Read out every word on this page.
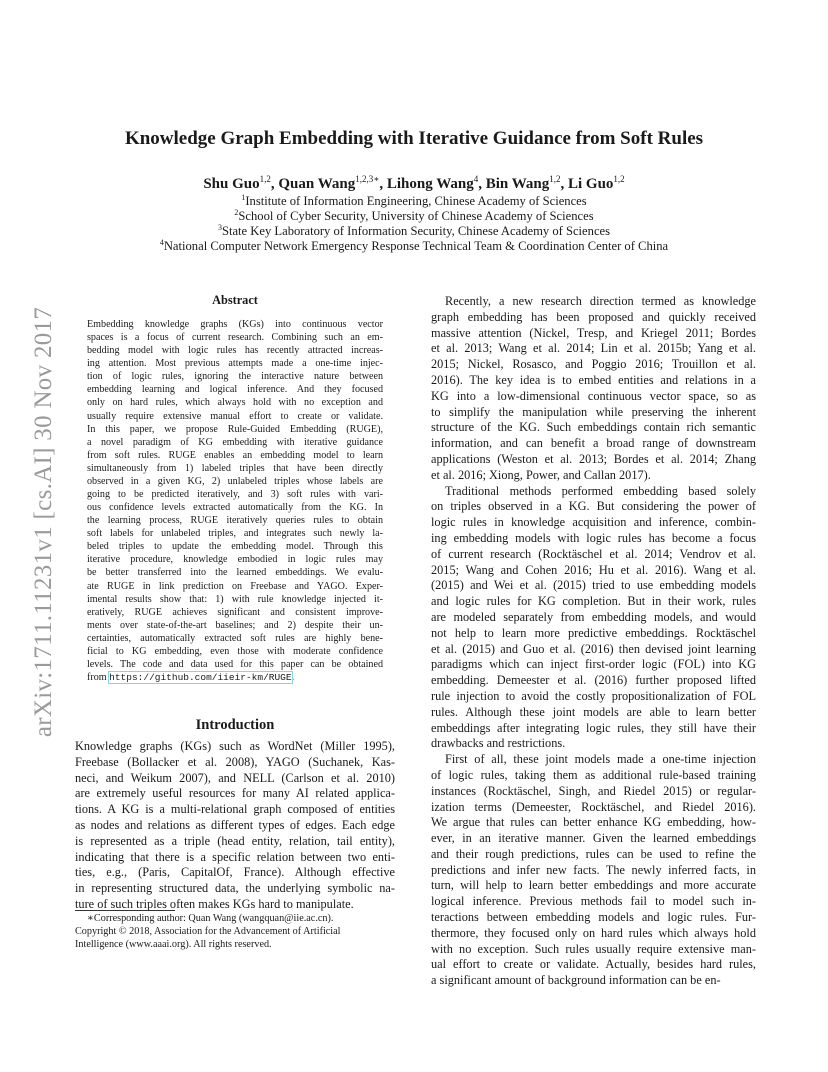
arXiv:1711.11231v1 [cs.AI] 30 Nov 2017
Knowledge Graph Embedding with Iterative Guidance from Soft Rules
Shu Guo$^{1,2}$, Quan Wang$^{1,2,3∗}$, Lihong Wang$^4$, Bin Wang$^{1,2}$, Li Guo$^{1,2}$
$^1$Institute of Information Engineering, Chinese Academy of Sciences
$^2$School of Cyber Security, University of Chinese Academy of Sciences
$^3$State Key Laboratory of Information Security, Chinese Academy of Sciences
$^4$National Computer Network Emergency Response Technical Team & Coordination Center of China
Abstract
Embedding knowledge graphs (KGs) into continuous vector
spaces is a focus of current research. Combining such an em-
bedding model with logic rules has recently attracted increas-
ing attention. Most previous attempts made a one-time injec-
tion of logic rules, ignoring the interactive nature between
embedding learning and logical inference. And they focused
only on hard rules, which always hold with no exception and
usually require extensive manual effort to create or validate.
In this paper, we propose Rule-Guided Embedding (RUGE),
a novel paradigm of KG embedding with iterative guidance
from soft rules. RUGE enables an embedding model to learn
simultaneously from 1) labeled triples that have been directly
observed in a given KG, 2) unlabeled triples whose labels are
going to be predicted iteratively, and 3) soft rules with vari-
ous confidence levels extracted automatically from the KG. In
the learning process, RUGE iteratively queries rules to obtain
soft labels for unlabeled triples, and integrates such newly la-
beled triples to update the embedding model. Through this
iterative procedure, knowledge embodied in logic rules may
be better transferred into the learned embeddings. We evalu-
ate RUGE in link prediction on Freebase and YAGO. Exper-
imental results show that: 1) with rule knowledge injected it-
eratively, RUGE achieves significant and consistent improve-
ments over state-of-the-art baselines; and 2) despite their un-
certainties, automatically extracted soft rules are highly bene-
ficial to KG embedding, even those with moderate confidence
levels. The code and data used for this paper can be obtained
from https://github.com/iieir-km/RUGE.
Introduction
Knowledge graphs (KGs) such as WordNet (Miller 1995),
Freebase (Bollacker et al. 2008), YAGO (Suchanek, Kas-
neci, and Weikum 2007), and NELL (Carlson et al. 2010)
are extremely useful resources for many AI related applica-
tions. A KG is a multi-relational graph composed of entities
as nodes and relations as different types of edges. Each edge
is represented as a triple (head entity, relation, tail entity),
indicating that there is a specific relation between two enti-
ties, e.g., (Paris, CapitalOf, France). Although effective
in representing structured data, the underlying symbolic na-
ture of such triples often makes KGs hard to manipulate.
∗Corresponding author: Quan Wang (wangquan@iie.ac.cn).
Copyright © 2018, Association for the Advancement of Artificial
Intelligence (www.aaai.org). All rights reserved.
Recently, a new research direction termed as knowledge
graph embedding has been proposed and quickly received
massive attention (Nickel, Tresp, and Kriegel 2011; Bordes
et al. 2013; Wang et al. 2014; Lin et al. 2015b; Yang et al.
2015; Nickel, Rosasco, and Poggio 2016; Trouillon et al.
2016). The key idea is to embed entities and relations in a
KG into a low-dimensional continuous vector space, so as
to simplify the manipulation while preserving the inherent
structure of the KG. Such embeddings contain rich semantic
information, and can benefit a broad range of downstream
applications (Weston et al. 2013; Bordes et al. 2014; Zhang
et al. 2016; Xiong, Power, and Callan 2017).
Traditional methods performed embedding based solely
on triples observed in a KG. But considering the power of
logic rules in knowledge acquisition and inference, combin-
ing embedding models with logic rules has become a focus
of current research (Rocktäschel et al. 2014; Vendrov et al.
2015; Wang and Cohen 2016; Hu et al. 2016). Wang et al.
(2015) and Wei et al. (2015) tried to use embedding models
and logic rules for KG completion. But in their work, rules
are modeled separately from embedding models, and would
not help to learn more predictive embeddings. Rocktäschel
et al. (2015) and Guo et al. (2016) then devised joint learning
paradigms which can inject first-order logic (FOL) into KG
embedding. Demeester et al. (2016) further proposed lifted
rule injection to avoid the costly propositionalization of FOL
rules. Although these joint models are able to learn better
embeddings after integrating logic rules, they still have their
drawbacks and restrictions.
First of all, these joint models made a one-time injection
of logic rules, taking them as additional rule-based training
instances (Rocktäschel, Singh, and Riedel 2015) or regular-
ization terms (Demeester, Rocktäschel, and Riedel 2016).
We argue that rules can better enhance KG embedding, how-
ever, in an iterative manner. Given the learned embeddings
and their rough predictions, rules can be used to refine the
predictions and infer new facts. The newly inferred facts, in
turn, will help to learn better embeddings and more accurate
logical inference. Previous methods fail to model such in-
teractions between embedding models and logic rules. Fur-
thermore, they focused only on hard rules which always hold
with no exception. Such rules usually require extensive man-
ual effort to create or validate. Actually, besides hard rules,
a significant amount of background information can be en-
